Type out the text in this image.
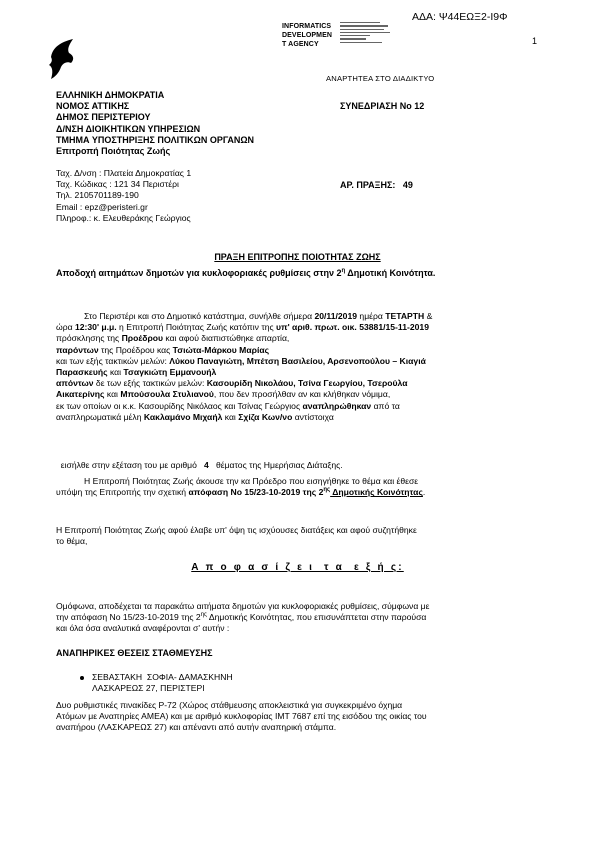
ΑΔΑ: Ψ44ΕΩΞ2-Ι9Φ
1
INFORMATICS
DEVELOPMEN
T AGENCY
ΑΝΑΡΤΗΤΕΑ ΣΤΟ ΔΙΑΔΙΚΤΥΟ
ΕΛΛΗΝΙΚΗ ΔΗΜΟΚΡΑΤΙΑ
ΝΟΜΟΣ ΑΤΤΙΚΗΣ
ΔΗΜΟΣ ΠΕΡΙΣΤΕΡΙΟΥ
Δ/ΝΣΗ ΔΙΟΙΚΗΤΙΚΩΝ ΥΠΗΡΕΣΙΩΝ
ΤΜΗΜΑ ΥΠΟΣΤΗΡΙΞΗΣ ΠΟΛΙΤΙΚΩΝ ΟΡΓΑΝΩΝ
Επιτροπή Ποιότητας Ζωής
Ταχ. Δ/νση : Πλατεία Δημοκρατίας 1
Ταχ. Κώδικας : 121 34 Περιστέρι
Τηλ. 2105701189-190
Email : epz@peristeri.gr
Πληροφ.: κ. Ελευθεράκης Γεώργιος
ΣΥΝΕΔΡΙΑΣΗ Νο 12
ΑΡ. ΠΡΑΞΗΣ:   49
ΠΡΑΞΗ ΕΠΙΤΡΟΠΗΣ ΠΟΙΟΤΗΤΑΣ ΖΩΗΣ
Αποδοχή αιτημάτων δημοτών για κυκλοφοριακές ρυθμίσεις στην $2^\eta$ Δημοτική Κοινότητα.
Στο Περιστέρι και στο Δημοτικό κατάστημα, συνήλθε σήμερα 20/11/2019 ημέρα ΤΕΤΑΡΤΗ &
ώρα 12:30' μ.μ. η Επιτροπή Ποιότητας Ζωής κατόπιν της υπ' αριθ. πρωτ. οικ. 53881/15-11-2019
πρόσκλησης της Προέδρου και αφού διαπιστώθηκε απαρτία,
παρόντων της Προέδρου κας Τσιώτα-Μάρκου Μαρίας
και των εξής τακτικών μελών: Λύκου Παναγιώτη, Μπέτση Βασιλείου, Αρσενοπούλου – Κιαγιά
Παρασκευής και Τσαγκιώτη Εμμανουήλ
απόντων δε των εξής τακτικών μελών: Κασουρίδη Νικολάου, Τσίνα Γεωργίου, Τσερούλα
Αικατερίνης και Μπούσουλα Στυλιανού, που δεν προσήλθαν αν και κλήθηκαν νόμιμα,
εκ των οποίων οι κ.κ. Κασουρίδης Νικόλαος και Τσίνας Γεώργιος αναπληρώθηκαν από τα
αναπληρωματικά μέλη Κακλαμάνο Μιχαήλ και Σχίζα Κων/νο αντίστοιχα

εισήλθε στην εξέταση του με αριθμό   4   θέματος της Ημερήσιας Διάταξης.

Η Επιτροπή Ποιότητας Ζωής άκουσε την κα Πρόεδρο που εισηγήθηκε το θέμα και έθεσε
υπόψη της Επιτροπής την σχετική απόφαση Νο 15/23-10-2019 της $2^{\eta\varsigma}$ Δημοτικής Κοινότητας.
Η Επιτροπή Ποιότητας Ζωής αφού έλαβε υπ' όψη τις ισχύουσες διατάξεις και αφού συζητήθηκε
το θέμα,
Α π ο φ α σ ί ζ ε ι  τ α  ε ξ ή ς:
Ομόφωνα, αποδέχεται τα παρακάτω αιτήματα δημοτών για κυκλοφοριακές ρυθμίσεις, σύμφωνα με
την απόφαση Νο 15/23-10-2019 της $2^{\eta\varsigma}$ Δημοτικής Κοινότητας, που επισυνάπτεται στην παρούσα
και όλα όσα αναλυτικά αναφέρονται σ' αυτήν :
ΑΝΑΠΗΡΙΚΕΣ ΘΕΣΕΙΣ ΣΤΑΘΜΕΥΣΗΣ
ΣΕΒΑΣΤΑΚΗ  ΣΟΦΙΑ- ΔΑΜΑΣΚΗΝΗ
ΛΑΣΚΑΡΕΩΣ 27, ΠΕΡΙΣΤΕΡΙ
Δυο ρυθμιστικές πινακίδες Ρ-72 (Χώρος στάθμευσης αποκλειστικά για συγκεκριμένο όχημα
Ατόμων με Αναπηρίες ΑΜΕΑ) και με αριθμό κυκλοφορίας ΙΜΤ 7687 επί της εισόδου της οικίας του
αναπήρου (ΛΑΣΚΑΡΕΩΣ 27) και απέναντι από αυτήν αναπηρική στάμπα.
